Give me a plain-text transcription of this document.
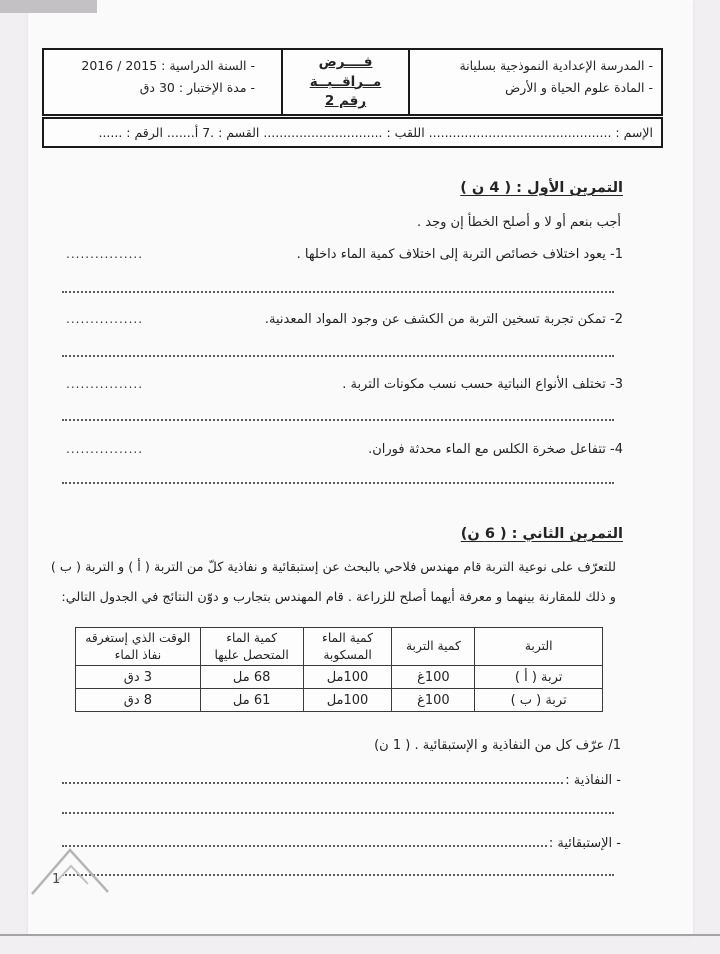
- المدرسة الإعدادية النموذجية بسليانة
- المادة علوم الحياة و الأرض
فــــرض
مــراقــبــة
رقم 2
- السنة الدراسية : 2015 / 2016
- مدة الإختبار : 30 دق
الإسم : .............................................. اللقب : .............................. القسم : .7 أ....... الرقم : ......
التمرين الأول : ( 4 ن )
أجب بنعم أو لا و أصلح الخطأ إن وجد .
1- يعود اختلاف خصائص التربة إلى اختلاف كمية الماء داخلها .
................
2- تمكن تجربة تسخين التربة من الكشف عن وجود المواد المعدنية.
................
3- تختلف الأنواع النباتية حسب نسب مكونات التربة .
................
4- تتفاعل صخرة الكلس مع الماء محدثة فوران.
................
التمرين الثاني : ( 6 ن)
للتعرّف على نوعية التربة قام مهندس فلاحي بالبحث عن إستبقائية و نفاذية كلّ من التربة ( أ ) و التربة ( ب )
و ذلك للمقارنة بينهما و معرفة أيهما أصلح للزراعة . قام المهندس بتجارب و دوّن النتائج في الجدول التالي:
التربة	كمية التربة	كمية الماء المسكوبة	كمية الماء المتحصل عليها	الوقت الذي إستغرقه نفاذ الماء
تربة ( أ )	100غ	100مل	68 مل	3 دق
تربة ( ب )	100غ	100مل	61 مل	8 دق
1/ عرّف كل من النفاذية و الإستبقائية . ( 1 ن)
- النفاذية :
- الإستبقائية :
1
